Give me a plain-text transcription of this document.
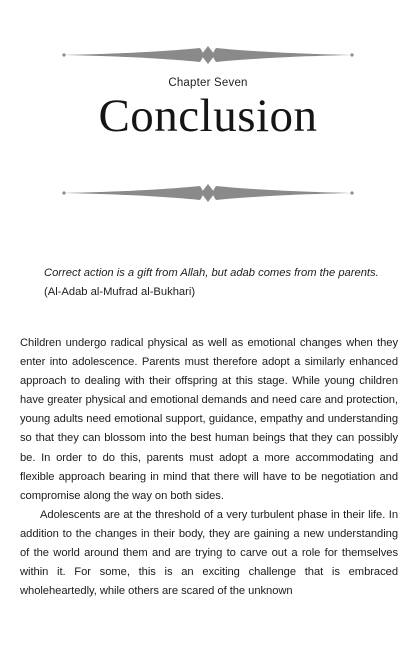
Chapter Seven
Conclusion
Correct action is a gift from Allah, but adab comes from the parents. (Al-Adab al-Mufrad al-Bukhari)

Children undergo radical physical as well as emotional changes when they enter into adolescence. Parents must therefore adopt a similarly enhanced approach to dealing with their offspring at this stage. While young children have greater physical and emotional demands and need care and protection, young adults need emotional support, guidance, empathy and understanding so that they can blossom into the best human beings that they can possibly be. In order to do this, parents must adopt a more accommodating and flexible approach bearing in mind that there will have to be negotiation and compromise along the way on both sides.

Adolescents are at the threshold of a very turbulent phase in their life. In addition to the changes in their body, they are gaining a new understanding of the world around them and are trying to carve out a role for themselves within it. For some, this is an exciting challenge that is embraced wholeheartedly, while others are scared of the unknown
